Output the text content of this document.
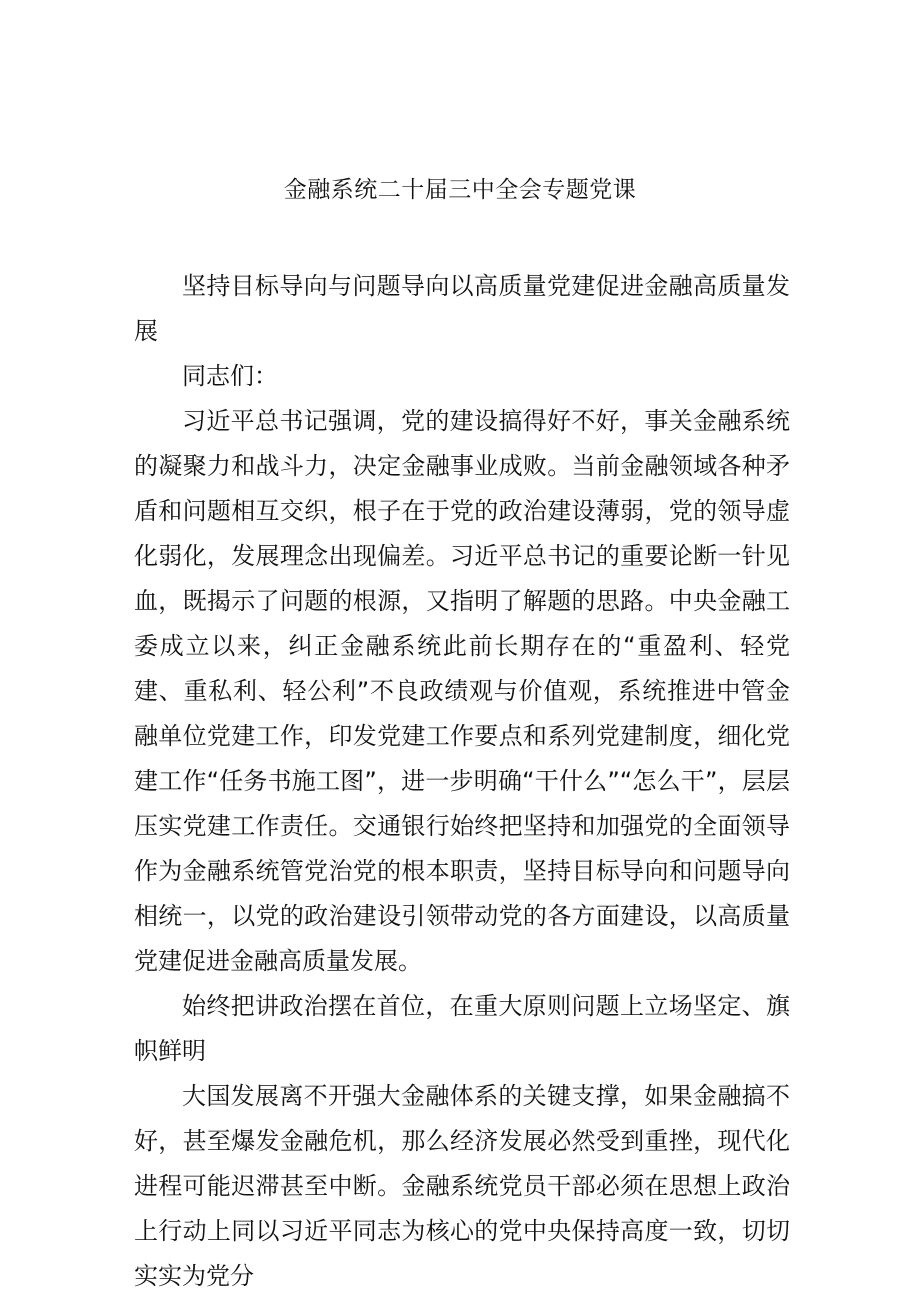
金融系统二十届三中全会专题党课

坚持目标导向与问题导向以高质量党建促进金融高质量发展

同志们：

习近平总书记强调，党的建设搞得好不好，事关金融系统的凝聚力和战斗力，决定金融事业成败。当前金融领域各种矛盾和问题相互交织，根子在于党的政治建设薄弱，党的领导虚化弱化，发展理念出现偏差。习近平总书记的重要论断一针见血，既揭示了问题的根源，又指明了解题的思路。中央金融工委成立以来，纠正金融系统此前长期存在的“重盈利、轻党建、重私利、轻公利”不良政绩观与价值观，系统推进中管金融单位党建工作，印发党建工作要点和系列党建制度，细化党建工作“任务书施工图”，进一步明确“干什么”“怎么干”，层层压实党建工作责任。交通银行始终把坚持和加强党的全面领导作为金融系统管党治党的根本职责，坚持目标导向和问题导向相统一，以党的政治建设引领带动党的各方面建设，以高质量党建促进金融高质量发展。

始终把讲政治摆在首位，在重大原则问题上立场坚定、旗帜鲜明

大国发展离不开强大金融体系的关键支撑，如果金融搞不好，甚至爆发金融危机，那么经济发展必然受到重挫，现代化进程可能迟滞甚至中断。金融系统党员干部必须在思想上政治上行动上同以习近平同志为核心的党中央保持高度一致，切切实实为党分
